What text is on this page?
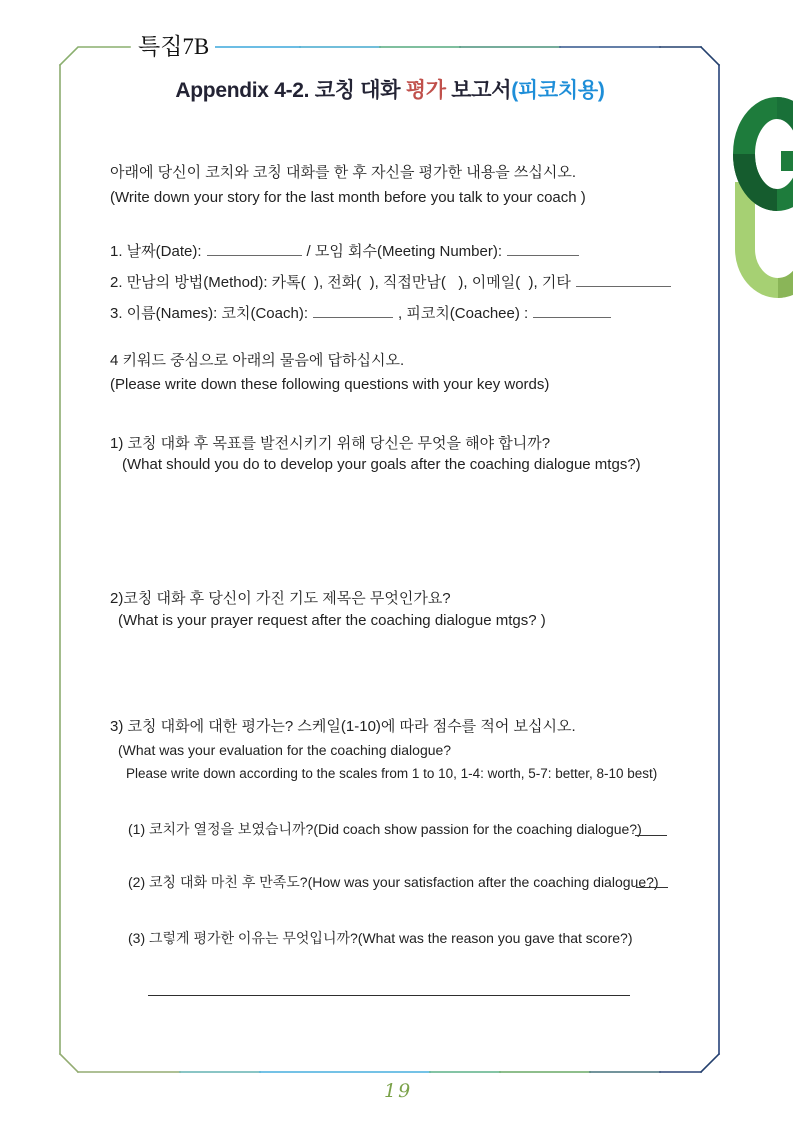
특집7B
Appendix 4-2. 코칭 대화 평가 보고서(피코치용)
아래에 당신이 코치와 코칭 대화를 한 후 자신을 평가한 내용을 쓰십시오.
(Write down your story for the last month before you talk to your coach )
1. 날짜(Date):	/ 모임 회수(Meeting Number):
2. 만남의 방법(Method): 카톡(  ), 전화(  ), 직접만남(   ), 이메일(  ), 기타
3. 이름(Names): 코치(Coach):	, 피코치(Coachee) :
4 키워드 중심으로 아래의 물음에 답하십시오.
(Please write down these following questions with your key words)
1) 코칭 대화 후 목표를 발전시키기 위해 당신은 무엇을 해야 합니까?
(What should you do to develop your goals after the coaching dialogue mtgs?)
2)코칭 대화 후 당신이 가진 기도 제목은 무엇인가요?
(What is your prayer request after the coaching dialogue mtgs? )
3) 코칭 대화에 대한 평가는? 스케일(1-10)에 따라 점수를 적어 보십시오.
(What was your evaluation for the coaching dialogue?
Please write down according to the scales from 1 to 10, 1-4: worth, 5-7: better, 8-10 best)
(1) 코치가 열정을 보였습니까?(Did coach show passion for the coaching dialogue?)
(2) 코칭 대화 마친 후 만족도?(How was your satisfaction after the coaching dialogue?)
(3) 그렇게 평가한 이유는 무엇입니까?(What was the reason you gave that score?)
19
